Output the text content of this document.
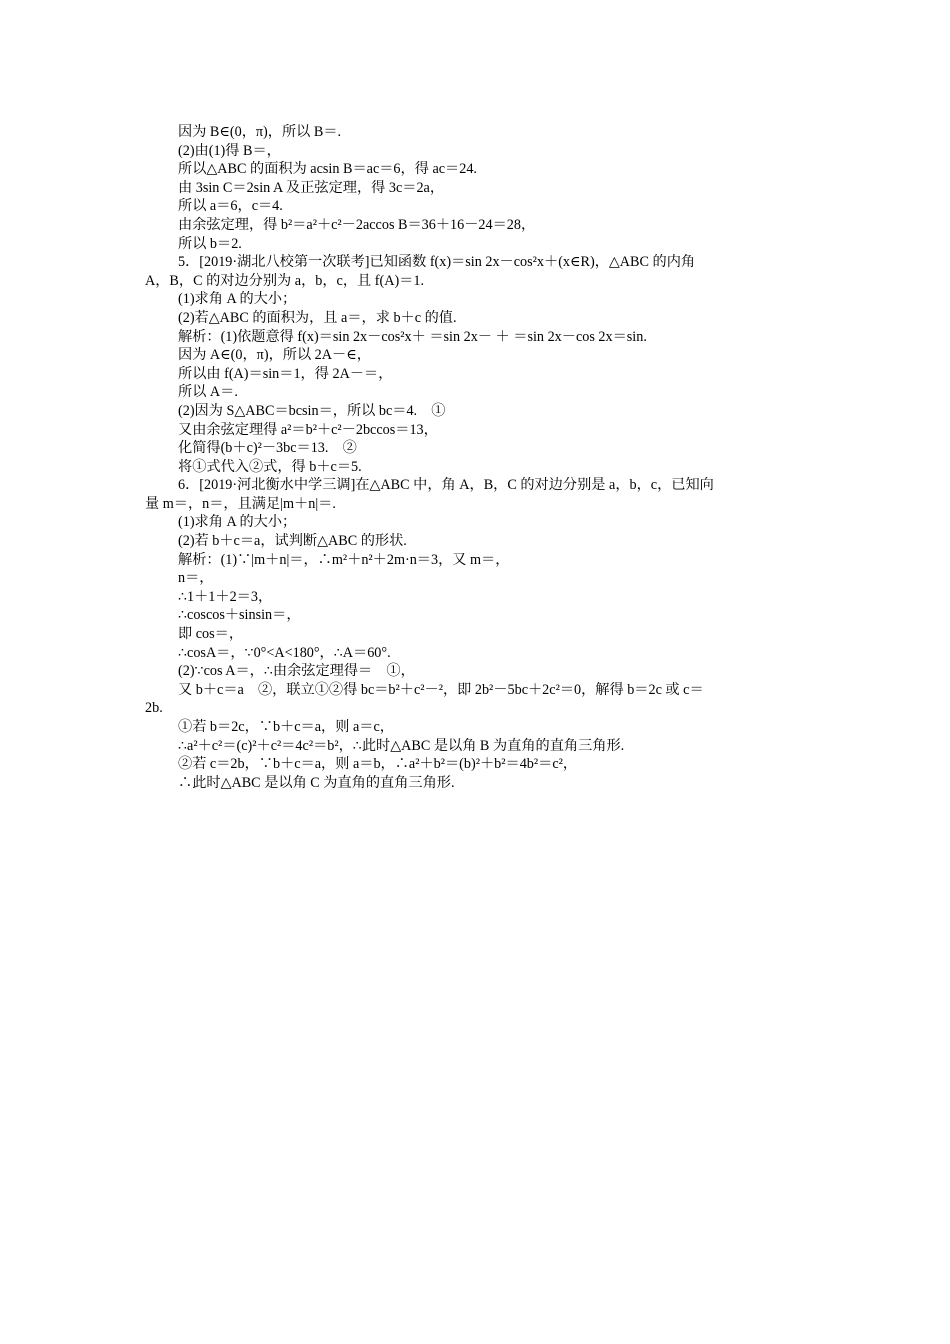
因为 B∈(0，π)，所以 B＝.
(2)由(1)得 B＝，
所以△ABC 的面积为 acsin B＝ac＝6，得 ac＝24.
由 3sin C＝2sin A 及正弦定理，得 3c＝2a，
所以 a＝6，c＝4.
由余弦定理，得 b²＝a²＋c²－2accos B＝36＋16－24＝28，
所以 b＝2.
5．[2019·湖北八校第一次联考]已知函数 f(x)＝sin 2x－cos²x＋(x∈R)，△ABC 的内角
A，B，C 的对边分别为 a，b，c，且 f(A)＝1.
(1)求角 A 的大小；
(2)若△ABC 的面积为，且 a＝，求 b＋c 的值.
解析：(1)依题意得 f(x)＝sin 2x－cos²x＋ ＝sin 2x－ ＋ ＝sin 2x－cos 2x＝sin.
因为 A∈(0，π)，所以 2A－∈，
所以由 f(A)＝sin＝1，得 2A－＝，
所以 A＝.
(2)因为 S△ABC＝bcsin＝，所以 bc＝4.　①
又由余弦定理得 a²＝b²＋c²－2bccos＝13，
化简得(b＋c)²－3bc＝13.　②
将①式代入②式，得 b＋c＝5.
6．[2019·河北衡水中学三调]在△ABC 中，角 A，B，C 的对边分别是 a，b，c，已知向
量 m＝，n＝，且满足|m＋n|＝.
(1)求角 A 的大小；
(2)若 b＋c＝a，试判断△ABC 的形状.
解析：(1)∵|m＋n|＝，∴m²＋n²＋2m·n＝3，又 m＝，
n＝，
∴1＋1＋2＝3，
∴coscos＋sinsin＝，
即 cos＝，
∴cosA＝，∵0°<A<180°，∴A＝60°.
(2)∵cos A＝，∴由余弦定理得＝　①，
又 b＋c＝a　②，联立①②得 bc＝b²＋c²－²，即 2b²－5bc＋2c²＝0，解得 b＝2c 或 c＝
2b.
①若 b＝2c，∵b＋c＝a，则 a＝c，
∴a²＋c²＝(c)²＋c²＝4c²＝b²，∴此时△ABC 是以角 B 为直角的直角三角形.
②若 c＝2b，∵b＋c＝a，则 a＝b，∴a²＋b²＝(b)²＋b²＝4b²＝c²，
∴此时△ABC 是以角 C 为直角的直角三角形.
